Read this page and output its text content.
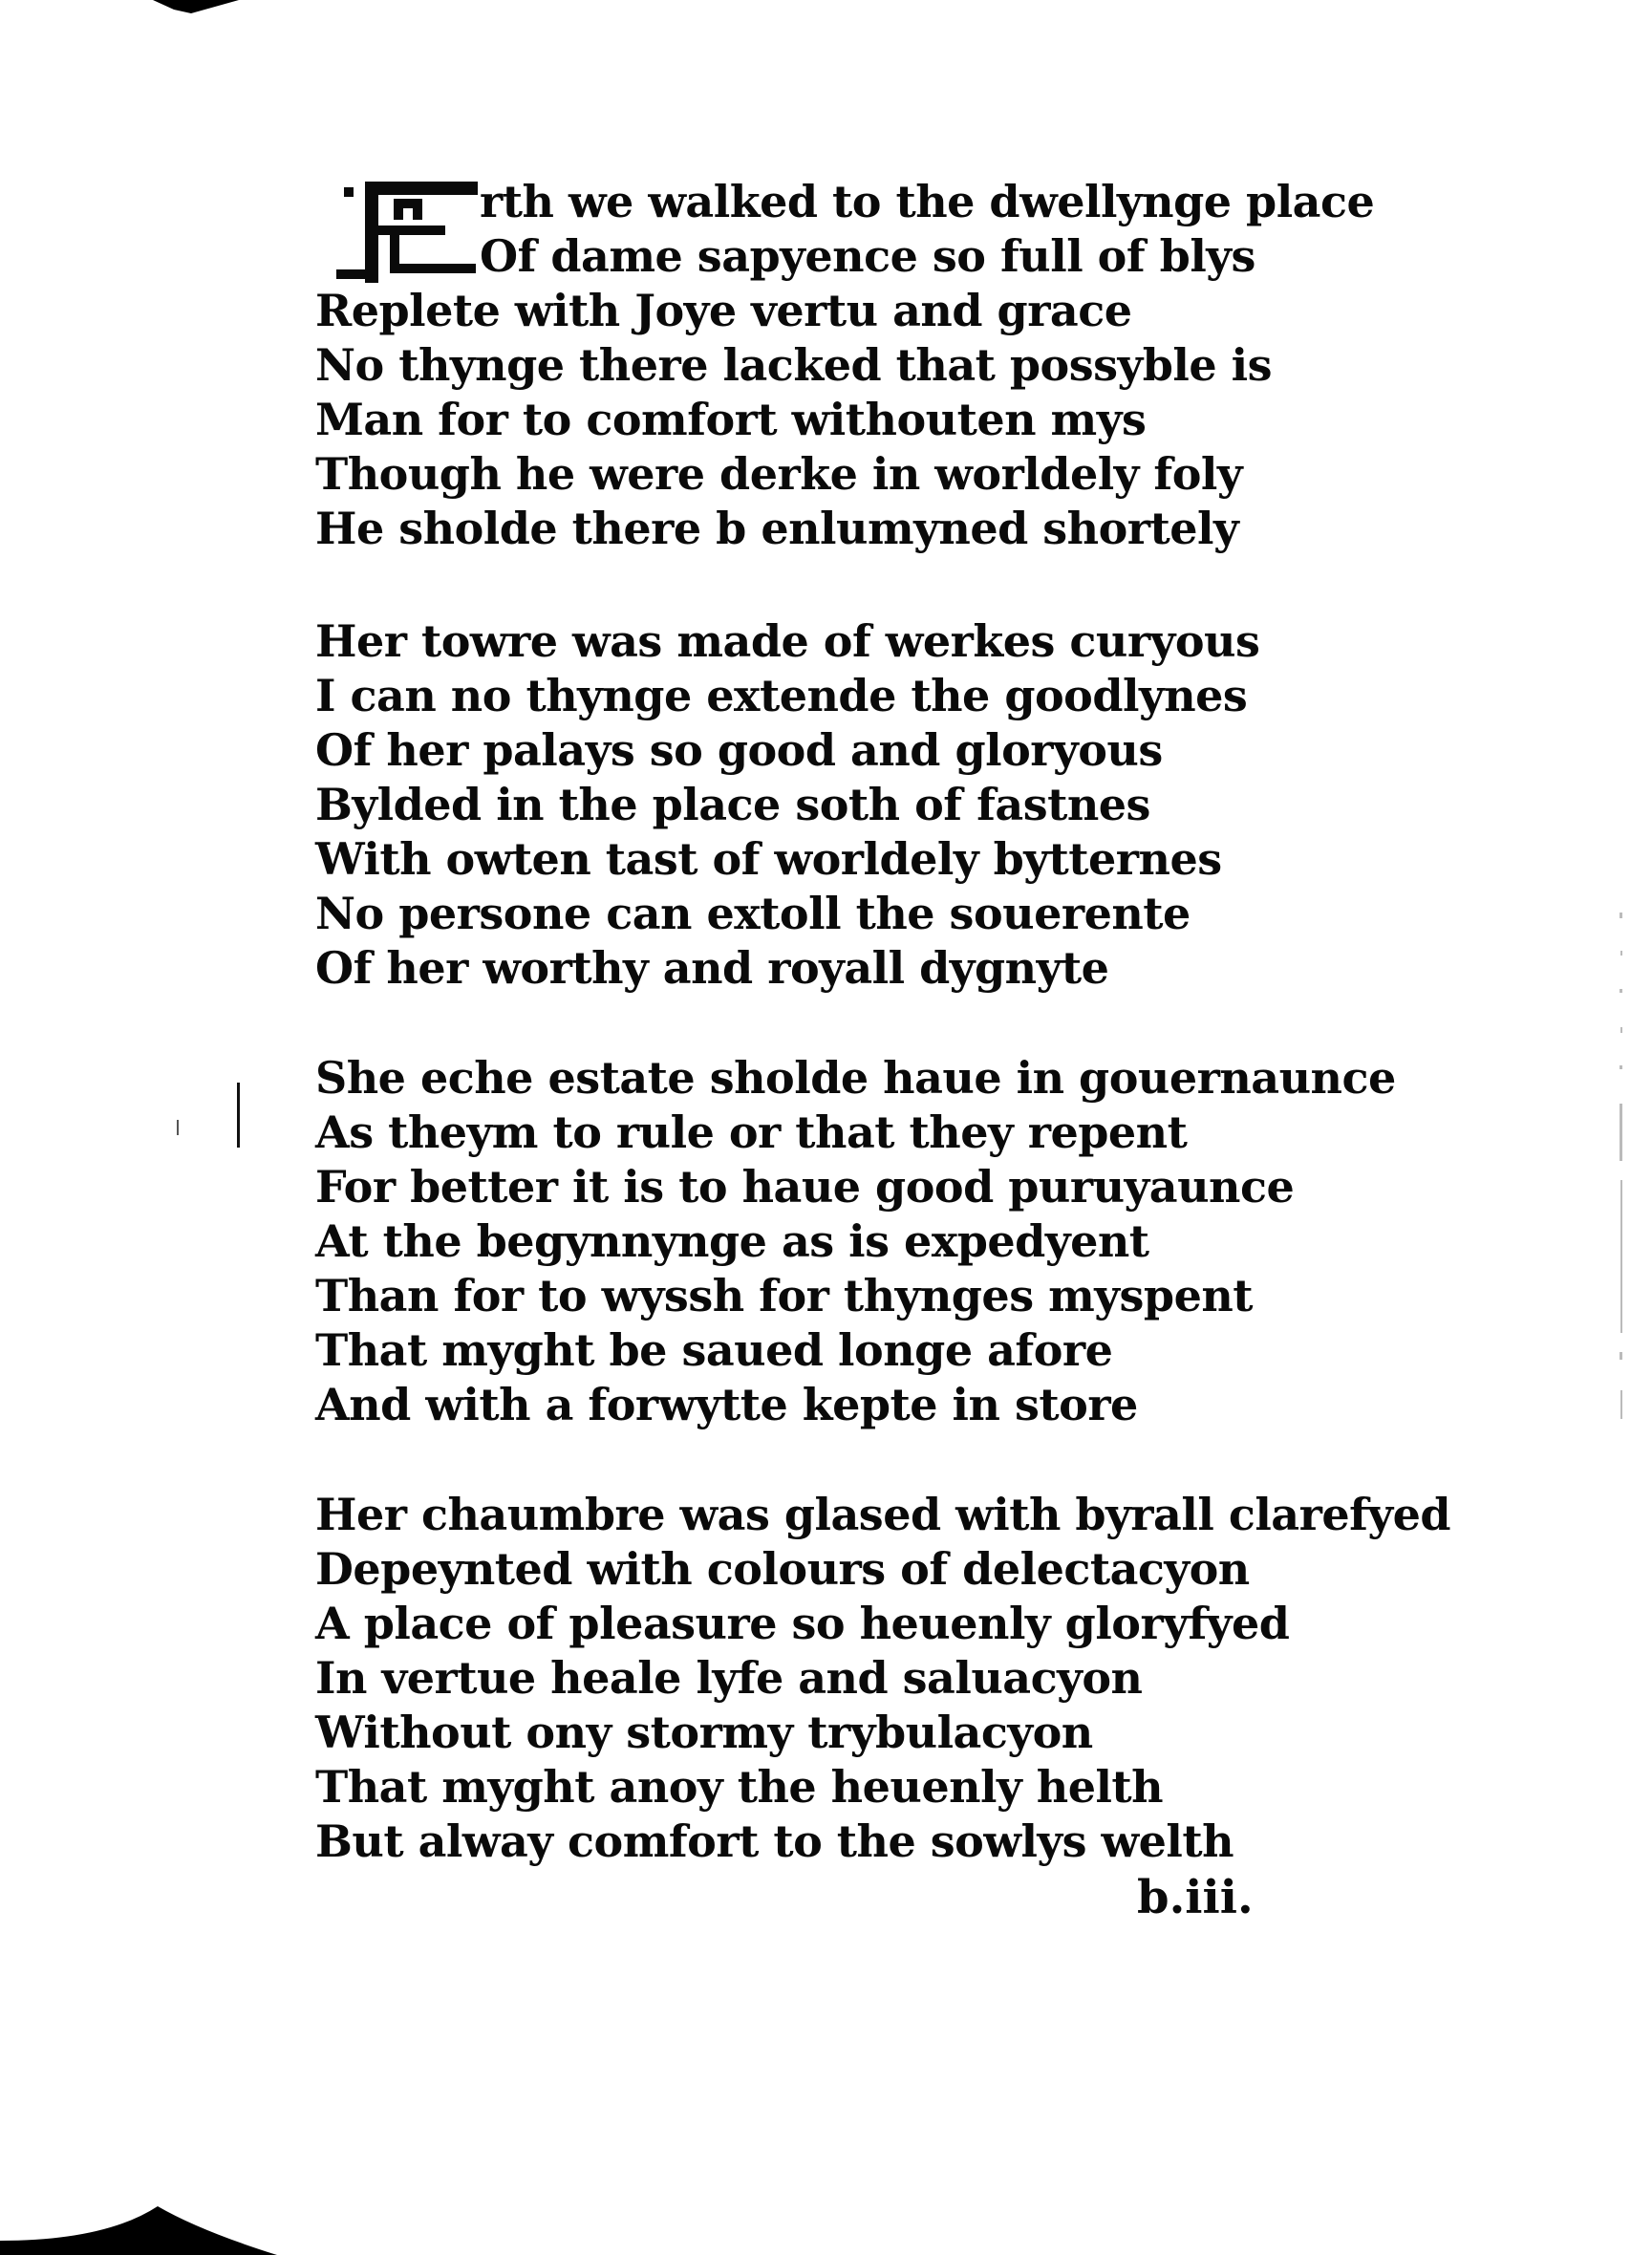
rth we walked to the dwellynge place
Of dame sapyence so full of blys
Replete with Joye vertu and grace
No thynge there lacked that possyble is
Man for to comfort withouten mys
Though he were derke in worldely foly
He sholde there b enlumyned shortely
Her towre was made of werkes curyous
I can no thynge extende the goodlynes
Of her palays so good and gloryous
Bylded in the place soth of fastnes
With owten tast of worldely bytternes
No persone can extoll the souerente
Of her worthy and royall dygnyte
She eche estate sholde haue in gouernaunce
As theym to rule or that they repent
For better it is to haue good puruyaunce
At the begynnynge as is expedyent
Than for to wyssh for thynges myspent
That myght be saued longe afore
And with a forwytte kepte in store
Her chaumbre was glased with byrall clarefyed
Depeynted with colours of delectacyon
A place of pleasure so heuenly gloryfyed
In vertue heale lyfe and saluacyon
Without ony stormy trybulacyon
That myght anoy the heuenly helth
But alway comfort to the sowlys welth
b.iii.
